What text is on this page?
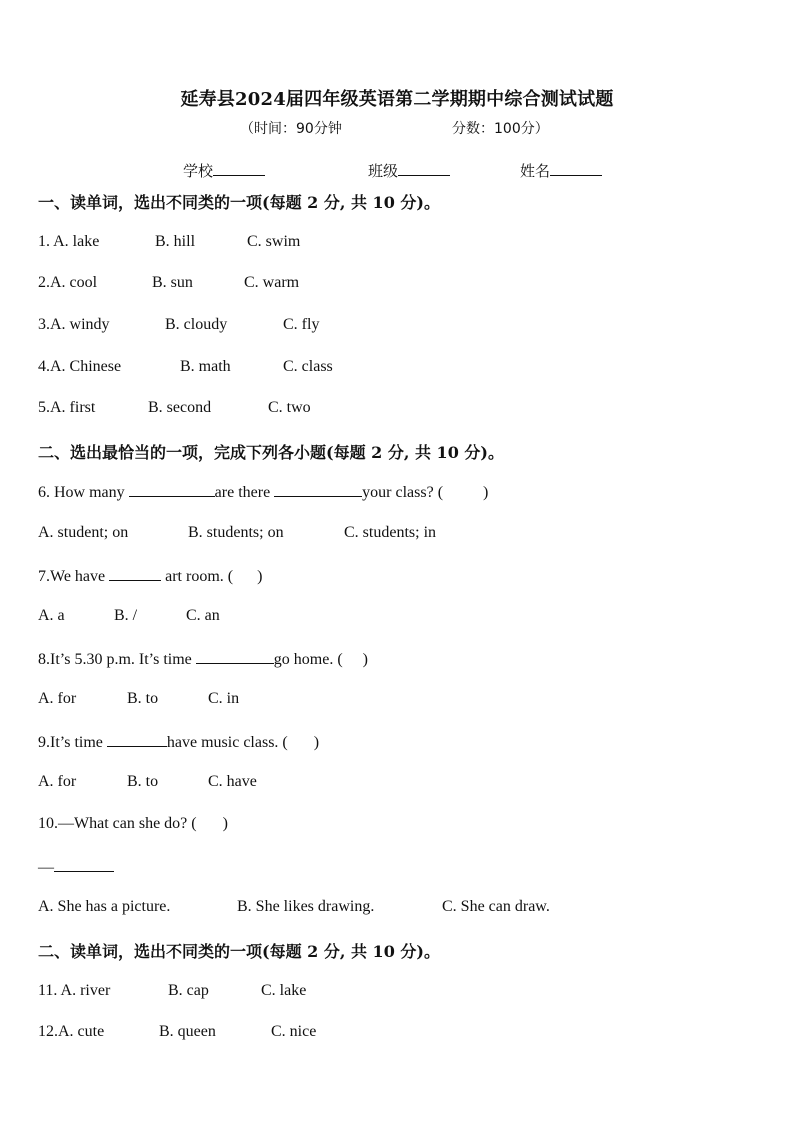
延寿县2024届四年级英语第二学期期中综合测试试题
（时间：90分钟	分数：100分）
学校	班级	姓名
一、读单词，选出不同类的一项(每题 2 分, 共 10 分)。
1. A. lake	B. hill	C. swim
2.A. cool	B. sun	C. warm
3.A. windy	B. cloudy	C. fly
4.A. Chinese	B. math	C. class
5.A. first	B. second	C. two
二、选出最恰当的一项，完成下列各小题(每题 2 分, 共 10 分)。
6. How many	are there	your class? (	)
A. student; on	B. students; on	C. students; in
7.We have	art room. ( )
A. a	B. /	C. an
8.It’s 5.30 p.m. It’s time	go home. ( )
A. for	B. to	C. in
9.It’s time	have music class. ( )
A. for	B. to	C. have
10.—What can she do? ( )
—
A. She has a picture.	B. She likes drawing.	C. She can draw.
二、读单词，选出不同类的一项(每题 2 分, 共 10 分)。
11. A. river	B. cap	C. lake
12.A. cute	B. queen	C. nice
